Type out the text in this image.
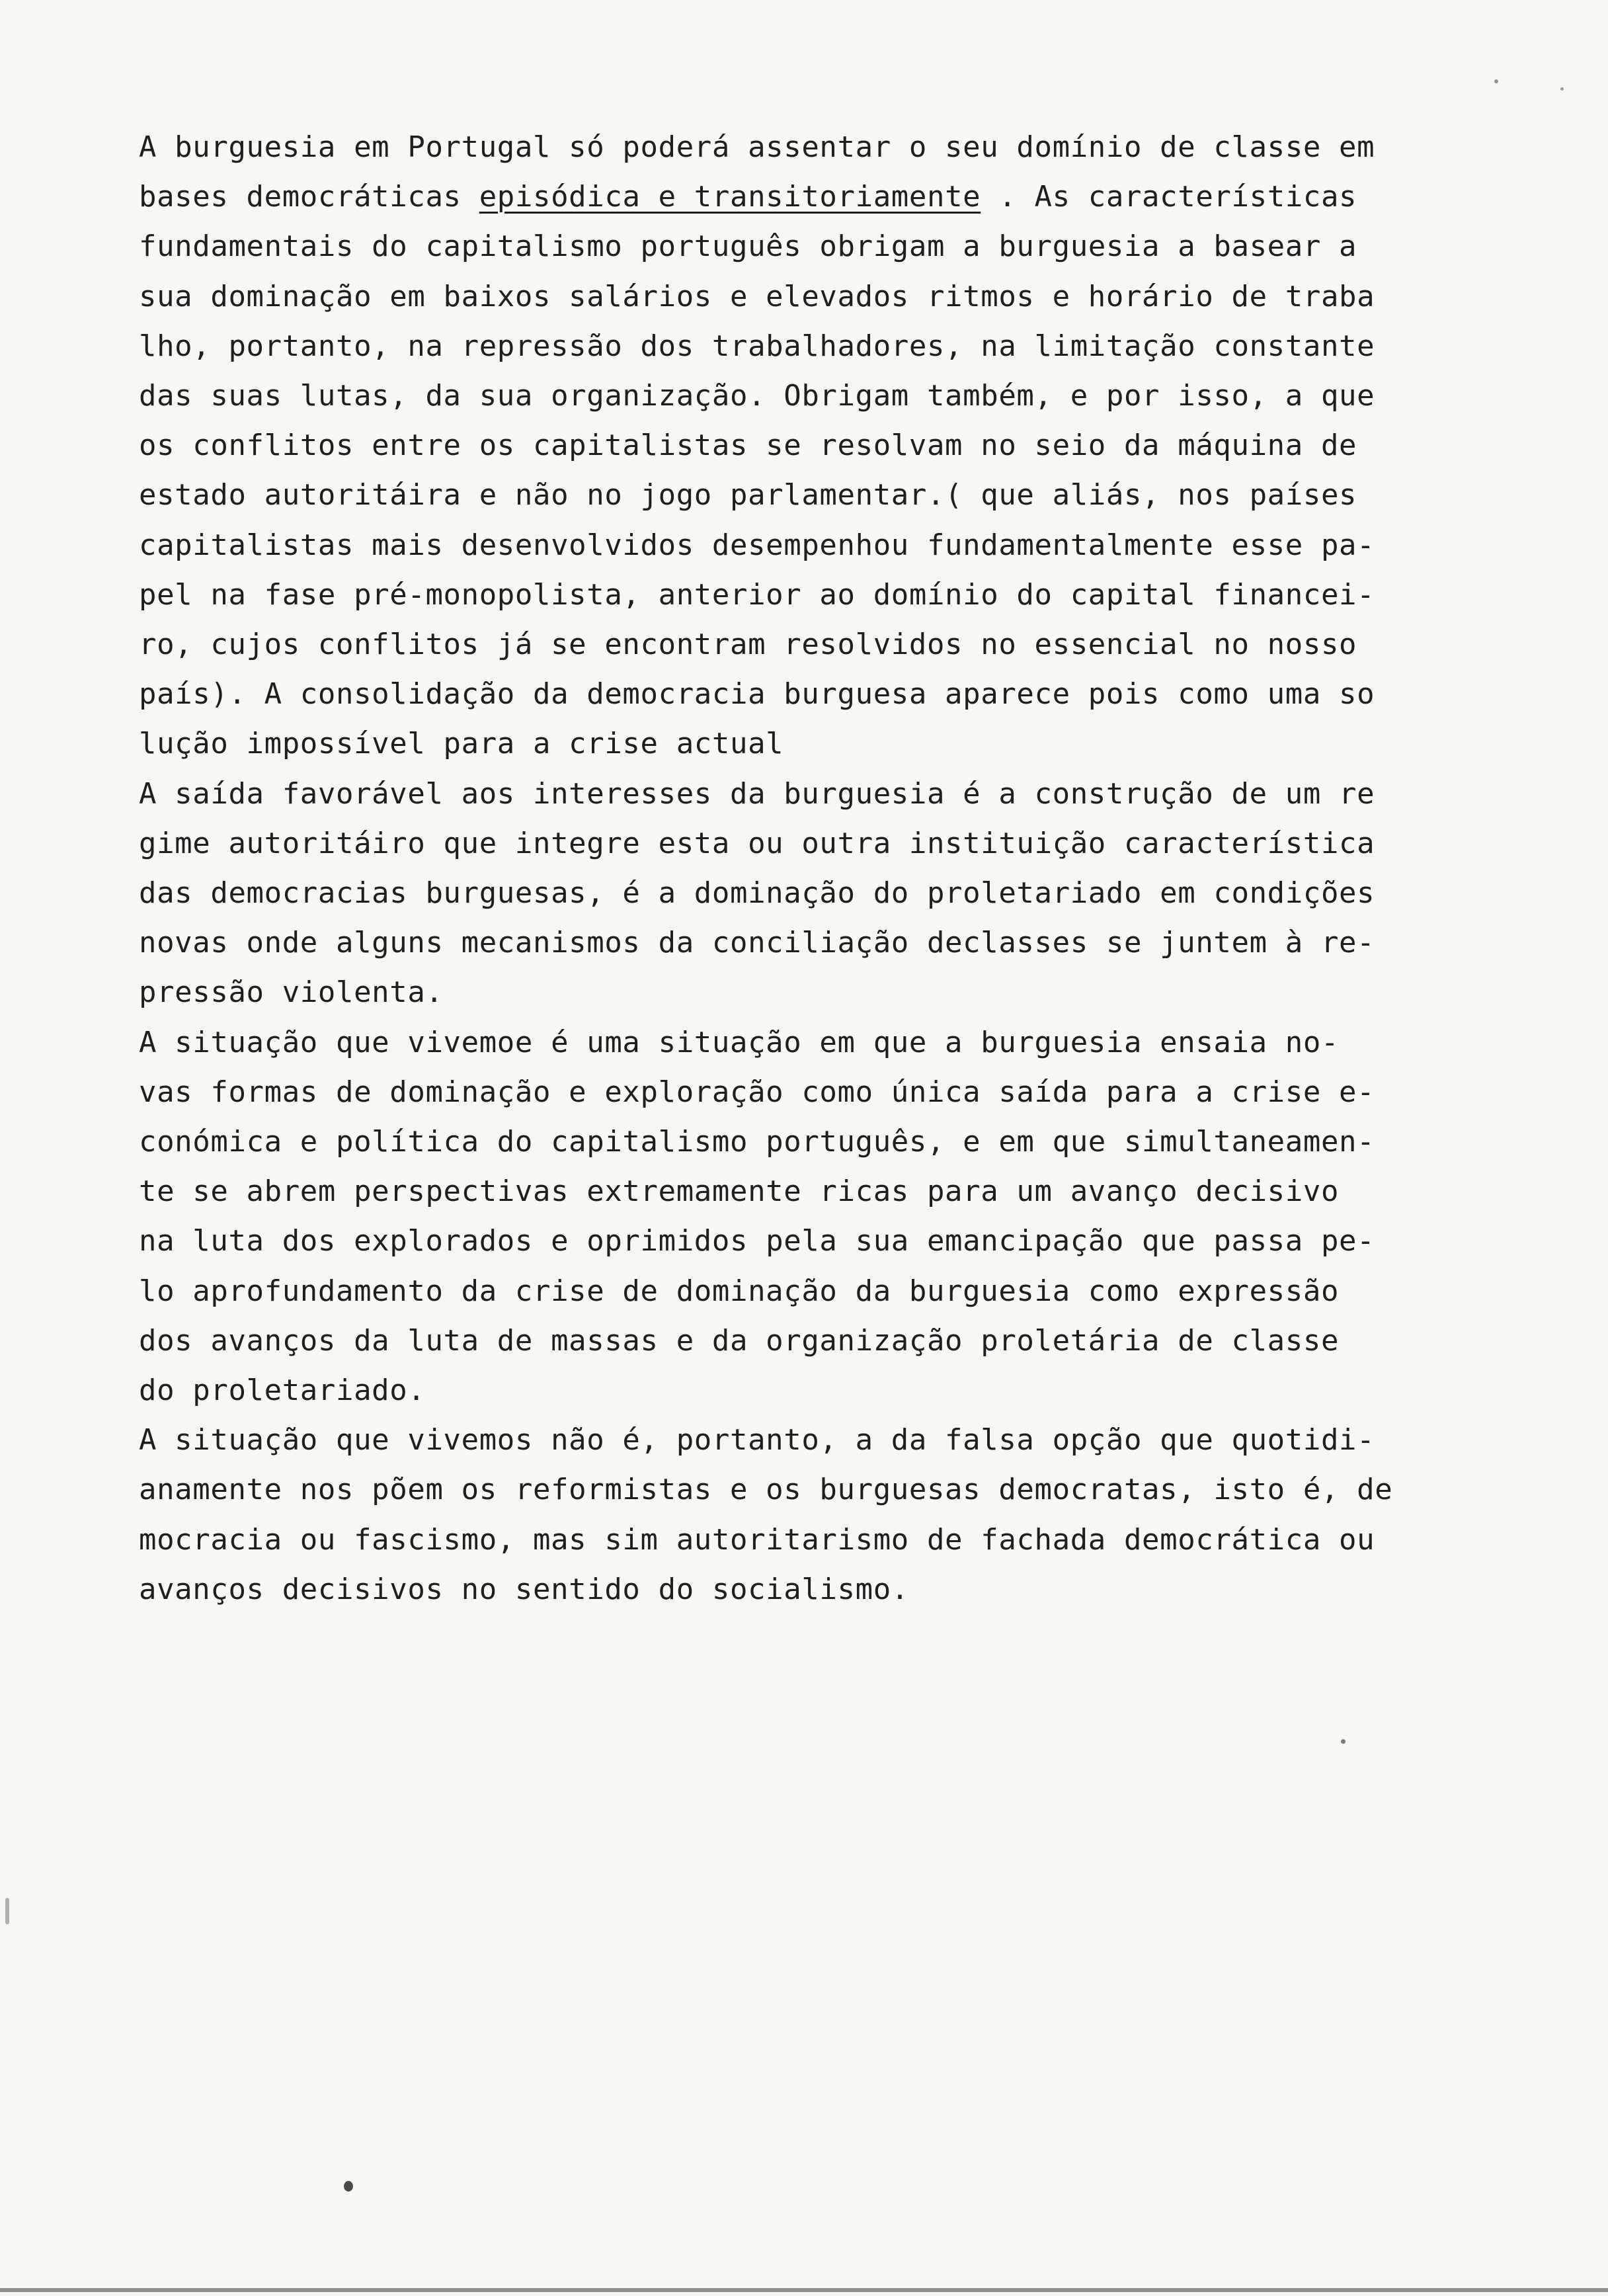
A burguesia em Portugal só poderá assentar o seu domínio de classe em
bases democráticas episódica e transitoriamente . As características
fundamentais do capitalismo português obrigam a burguesia a basear a
sua dominação em baixos salários e elevados ritmos e horário de traba
lho, portanto, na repressão dos trabalhadores, na limitação constante
das suas lutas, da sua organização. Obrigam também, e por isso, a que
os conflitos entre os capitalistas se resolvam no seio da máquina de
estado autoritáira e não no jogo parlamentar.( que aliás, nos países
capitalistas mais desenvolvidos desempenhou fundamentalmente esse pa-
pel na fase pré-monopolista, anterior ao domínio do capital financei-
ro, cujos conflitos já se encontram resolvidos no essencial no nosso
país). A consolidação da democracia burguesa aparece pois como uma so
lução impossível para a crise actual
A saída favorável aos interesses da burguesia é a construção de um re
gime autoritáiro que integre esta ou outra instituição característica
das democracias burguesas, é a dominação do proletariado em condições
novas onde alguns mecanismos da conciliação declasses se juntem à re-
pressão violenta.
A situação que vivemoe é uma situação em que a burguesia ensaia no-
vas formas de dominação e exploração como única saída para a crise e-
conómica e política do capitalismo português, e em que simultaneamen-
te se abrem perspectivas extremamente ricas para um avanço decisivo
na luta dos explorados e oprimidos pela sua emancipação que passa pe-
lo aprofundamento da crise de dominação da burguesia como expressão
dos avanços da luta de massas e da organização proletária de classe
do proletariado.
A situação que vivemos não é, portanto, a da falsa opção que quotidi-
anamente nos põem os reformistas e os burguesas democratas, isto é, de
mocracia ou fascismo, mas sim autoritarismo de fachada democrática ou
avanços decisivos no sentido do socialismo.
